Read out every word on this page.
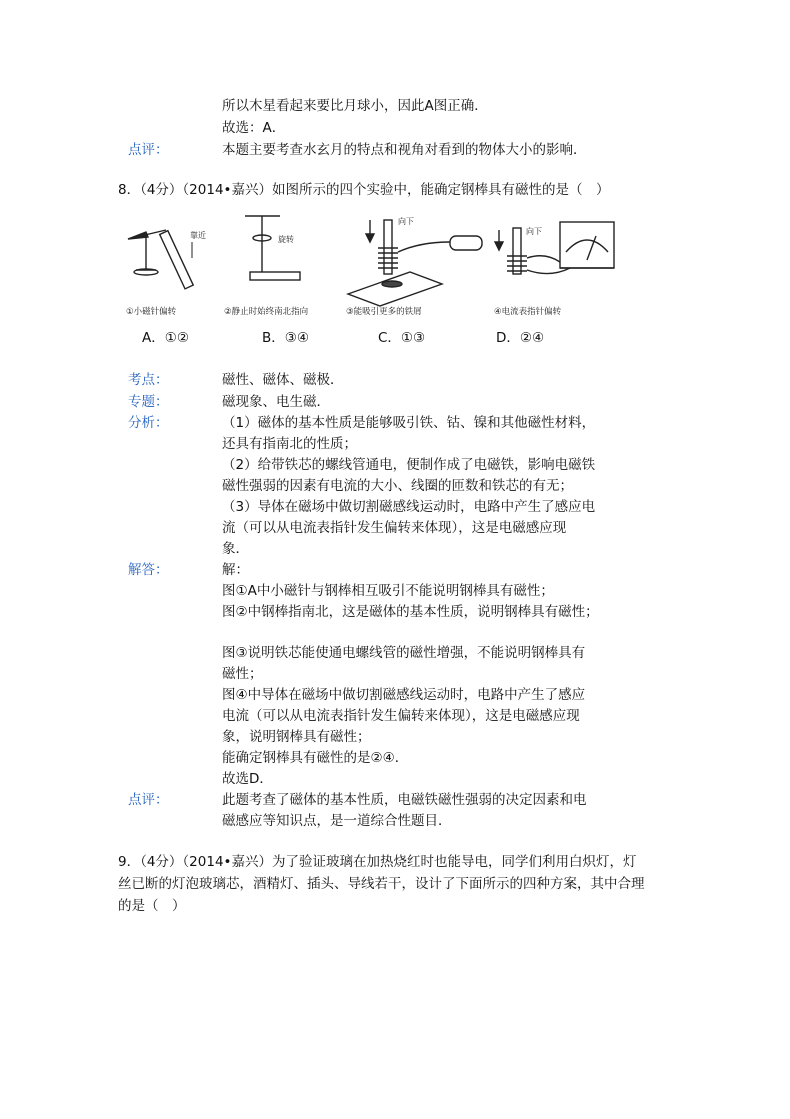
所以木星看起来要比月球小，因此A图正确．
故选：A．
点评：	本题主要考查水玄月的特点和视角对看到的物体大小的影响．
8．（4分）（2014•嘉兴）如图所示的四个实验中，能确定钢棒具有磁性的是（　）
靠近	旋转
向下
向下
①小磁针偏转	②静止时始终南北指向	③能吸引更多的铁屑	④电流表指针偏转
A．①②	B．③④	C．①③	D．②④
考点：	磁性、磁体、磁极．
专题：	磁现象、电生磁．
分析：	（1）磁体的基本性质是能够吸引铁、钴、镍和其他磁性材料，
还具有指南北的性质；
（2）给带铁芯的螺线管通电，便制作成了电磁铁，影响电磁铁
磁性强弱的因素有电流的大小、线圈的匝数和铁芯的有无；
（3）导体在磁场中做切割磁感线运动时，电路中产生了感应电
流（可以从电流表指针发生偏转来体现），这是电磁感应现
象．
解答：	解：
图①A中小磁针与钢棒相互吸引不能说明钢棒具有磁性；
图②中钢棒指南北，这是磁体的基本性质，说明钢棒具有磁性；
图③说明铁芯能使通电螺线管的磁性增强，不能说明钢棒具有
磁性；
图④中导体在磁场中做切割磁感线运动时，电路中产生了感应
电流（可以从电流表指针发生偏转来体现），这是电磁感应现
象，说明钢棒具有磁性；
能确定钢棒具有磁性的是②④．
故选D．
点评：	此题考查了磁体的基本性质，电磁铁磁性强弱的决定因素和电
磁感应等知识点，是一道综合性题目．
9．（4分）（2014•嘉兴）为了验证玻璃在加热烧红时也能导电，同学们利用白炽灯，灯
丝已断的灯泡玻璃芯，酒精灯、插头、导线若干，设计了下面所示的四种方案，其中合理
的是（　）
